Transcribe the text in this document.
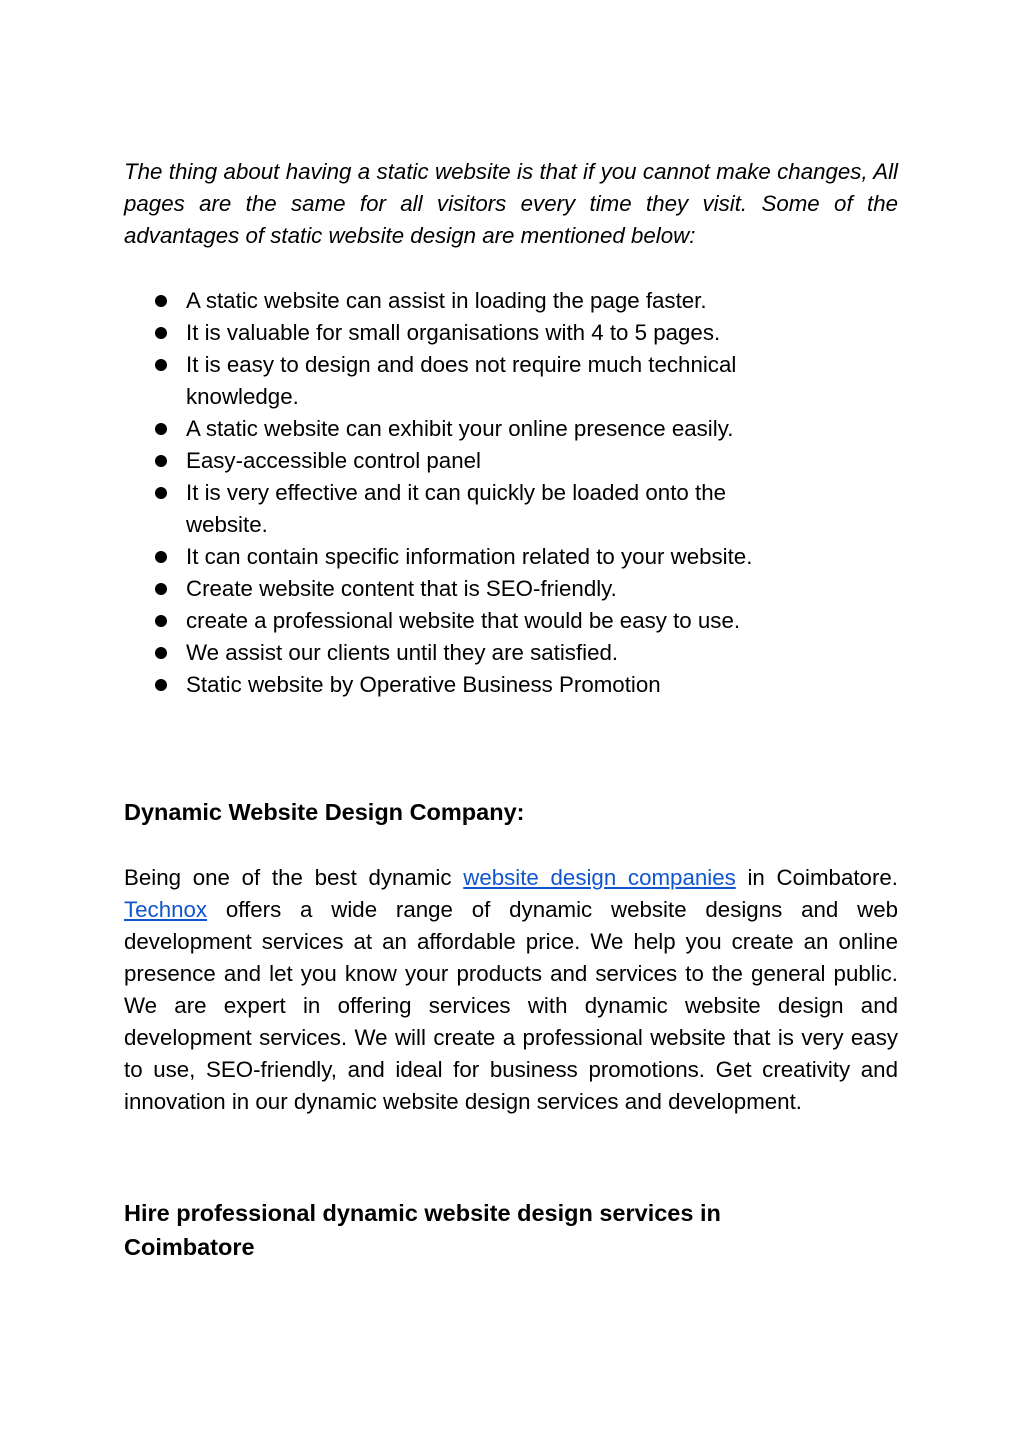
The thing about having a static website is that if you cannot make changes, All pages are the same for all visitors every time they visit. Some of the advantages of static website design are mentioned below:

A static website can assist in loading the page faster.
It is valuable for small organisations with 4 to 5 pages.
It is easy to design and does not require much technical knowledge.
A static website can exhibit your online presence easily.
Easy-accessible control panel
It is very effective and it can quickly be loaded onto the website.
It can contain specific information related to your website.
Create website content that is SEO-friendly.
create a professional website that would be easy to use.
We assist our clients until they are satisfied.
Static website by Operative Business Promotion
Dynamic Website Design Company:

Being one of the best dynamic website design companies in Coimbatore. Technox offers a wide range of dynamic website designs and web development services at an affordable price. We help you create an online presence and let you know your products and services to the general public. We are expert in offering services with dynamic website design and development services. We will create a professional website that is very easy to use, SEO-friendly, and ideal for business promotions. Get creativity and innovation in our dynamic website design services and development.

Hire professional dynamic website design services in Coimbatore
